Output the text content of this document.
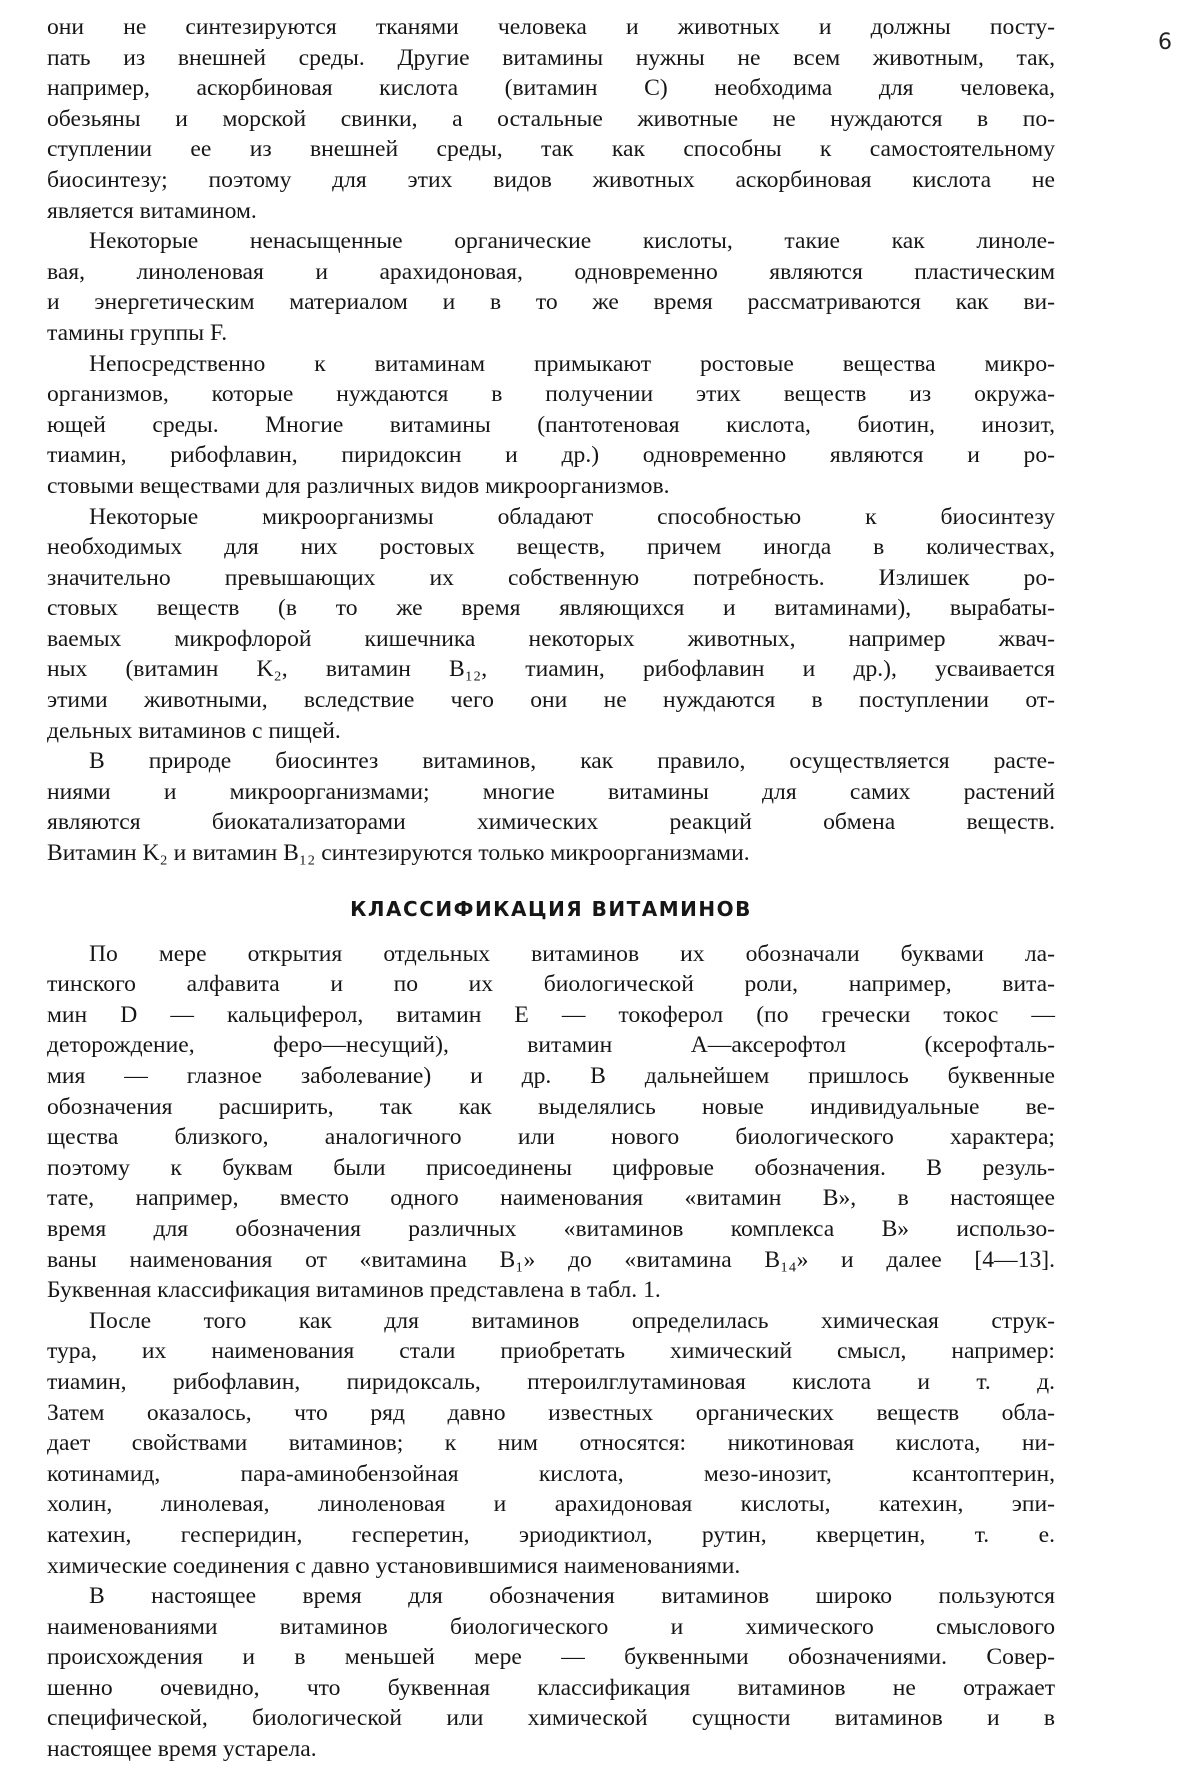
6
они не синтезируются тканями человека и животных и должны посту-
пать из внешней среды. Другие витамины нужны не всем животным, так,
например, аскорбиновая кислота (витамин С) необходима для человека,
обезьяны и морской свинки, а остальные животные не нуждаются в по-
ступлении ее из внешней среды, так как способны к самостоятельному
биосинтезу; поэтому для этих видов животных аскорбиновая кислота не
является витамином.
Некоторые ненасыщенные органические кислоты, такие как линоле-
вая, линоленовая и арахидоновая, одновременно являются пластическим
и энергетическим материалом и в то же время рассматриваются как ви-
тамины группы F.
Непосредственно к витаминам примыкают ростовые вещества микро-
организмов, которые нуждаются в получении этих веществ из окружа-
ющей среды. Многие витамины (пантотеновая кислота, биотин, инозит,
тиамин, рибофлавин, пиридоксин и др.) одновременно являются и ро-
стовыми веществами для различных видов микроорганизмов.
Некоторые микроорганизмы обладают способностью к биосинтезу
необходимых для них ростовых веществ, причем иногда в количествах,
значительно превышающих их собственную потребность. Излишек ро-
стовых веществ (в то же время являющихся и витаминами), вырабаты-
ваемых микрофлорой кишечника некоторых животных, например жвач-
ных (витамин K₂, витамин B₁₂, тиамин, рибофлавин и др.), усваивается
этими животными, вследствие чего они не нуждаются в поступлении от-
дельных витаминов с пищей.
В природе биосинтез витаминов, как правило, осуществляется расте-
ниями и микроорганизмами; многие витамины для самих растений
являются биокатализаторами химических реакций обмена веществ.
Витамин K₂ и витамин B₁₂ синтезируются только микроорганизмами.
КЛАССИФИКАЦИЯ ВИТАМИНОВ
По мере открытия отдельных витаминов их обозначали буквами ла-
тинского алфавита и по их биологической роли, например, вита-
мин D — кальциферол, витамин E — токоферол (по гречески токос —
деторождение, феро—несущий), витамин А—аксерофтол (ксерофталь-
мия — глазное заболевание) и др. В дальнейшем пришлось буквенные
обозначения расширить, так как выделялись новые индивидуальные ве-
щества близкого, аналогичного или нового биологического характера;
поэтому к буквам были присоединены цифровые обозначения. В резуль-
тате, например, вместо одного наименования «витамин В», в настоящее
время для обозначения различных «витаминов комплекса В» использо-
ваны наименования от «витамина B₁» до «витамина B₁₄» и далее [4—13].
Буквенная классификация витаминов представлена в табл. 1.
После того как для витаминов определилась химическая струк-
тура, их наименования стали приобретать химический смысл, например:
тиамин, рибофлавин, пиридоксаль, птероилглутаминовая кислота и т. д.
Затем оказалось, что ряд давно известных органических веществ обла-
дает свойствами витаминов; к ним относятся: никотиновая кислота, ни-
котинамид, пара-аминобензойная кислота, мезо-инозит, ксантоптерин,
холин, линолевая, линоленовая и арахидоновая кислоты, катехин, эпи-
катехин, гесперидин, гесперетин, эриодиктиол, рутин, кверцетин, т. е.
химические соединения с давно установившимися наименованиями.
В настоящее время для обозначения витаминов широко пользуются
наименованиями витаминов биологического и химического смыслового
происхождения и в меньшей мере — буквенными обозначениями. Совер-
шенно очевидно, что буквенная классификация витаминов не отражает
специфической, биологической или химической сущности витаминов и в
настоящее время устарела.
